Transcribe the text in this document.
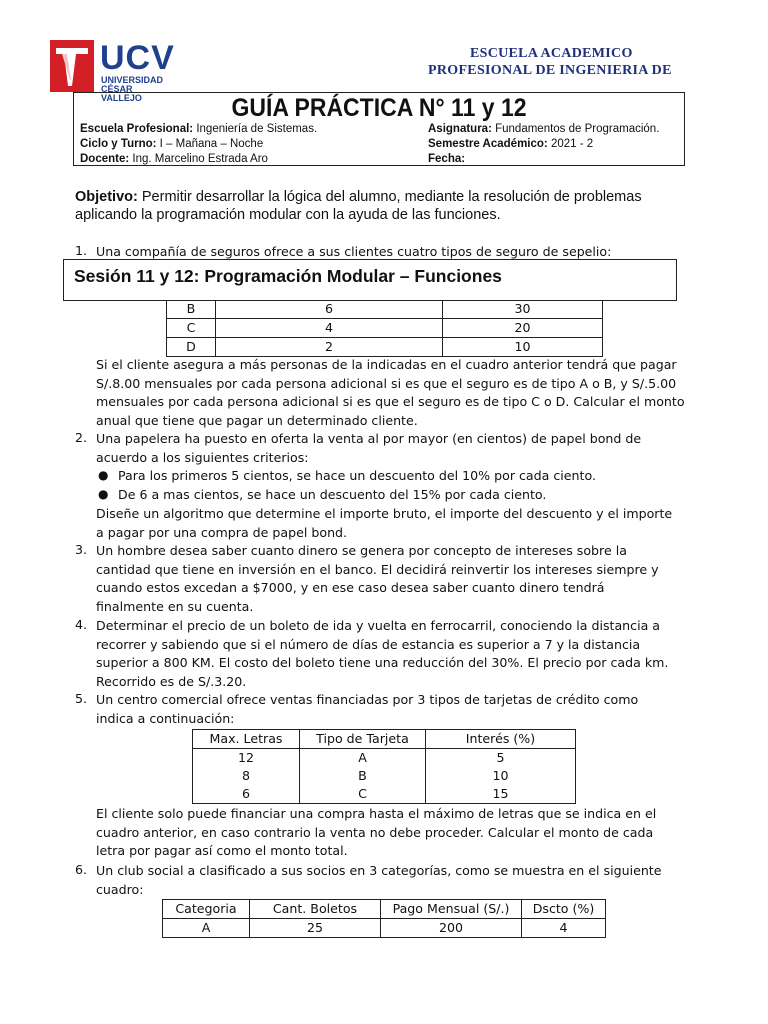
UCV
UNIVERSIDAD
CÉSAR VALLEJO
ESCUELA ACADEMICO
PROFESIONAL DE INGENIERIA DE
GUÍA PRÁCTICA N° 11 y 12
Escuela Profesional: Ingeniería de Sistemas.
Ciclo y Turno: I – Mañana – Noche
Docente: Ing. Marcelino Estrada Aro
Asignatura: Fundamentos de Programación.
Semestre Académico: 2021 - 2
Fecha:
Objetivo: Permitir desarrollar la lógica del alumno, mediante la resolución de problemas
aplicando la programación modular con la ayuda de las funciones.
1. Una compañía de seguros ofrece a sus clientes cuatro tipos de seguro de sepelio:
B	6	30
C	4	20
D	2	10
Sesión 11 y 12: Programación Modular – Funciones
Si el cliente asegura a más personas de la indicadas en el cuadro anterior tendrá que pagar
S/.8.00 mensuales por cada persona adicional si es que el seguro es de tipo A o B, y S/.5.00
mensuales por cada persona adicional si es que el seguro es de tipo C o D. Calcular el monto
anual que tiene que pagar un determinado cliente.
2. Una papelera ha puesto en oferta la venta al por mayor (en cientos) de papel bond de
acuerdo a los siguientes criterios:
● Para los primeros 5 cientos, se hace un descuento del 10% por cada ciento.
● De 6 a mas cientos, se hace un descuento del 15% por cada ciento.
Diseñe un algoritmo que determine el importe bruto, el importe del descuento y el importe
a pagar por una compra de papel bond.
3. Un hombre desea saber cuanto dinero se genera por concepto de intereses sobre la
cantidad que tiene en inversión en el banco. El decidirá reinvertir los intereses siempre y
cuando estos excedan a $7000, y en ese caso desea saber cuanto dinero tendrá
finalmente en su cuenta.
4. Determinar el precio de un boleto de ida y vuelta en ferrocarril, conociendo la distancia a
recorrer y sabiendo que si el número de días de estancia es superior a 7 y la distancia
superior a 800 KM. El costo del boleto tiene una reducción del 30%. El precio por cada km.
Recorrido es de S/.3.20.
5. Un centro comercial ofrece ventas financiadas por 3 tipos de tarjetas de crédito como
indica a continuación:
Max. Letras	Tipo de Tarjeta	Interés (%)
12	A	5
8	B	10
6	C	15
El cliente solo puede financiar una compra hasta el máximo de letras que se indica en el
cuadro anterior, en caso contrario la venta no debe proceder. Calcular el monto de cada
letra por pagar así como el monto total.
6. Un club social a clasificado a sus socios en 3 categorías, como se muestra en el siguiente
cuadro:
Categoria	Cant. Boletos	Pago Mensual (S/.)	Dscto (%)
A	25	200	4
